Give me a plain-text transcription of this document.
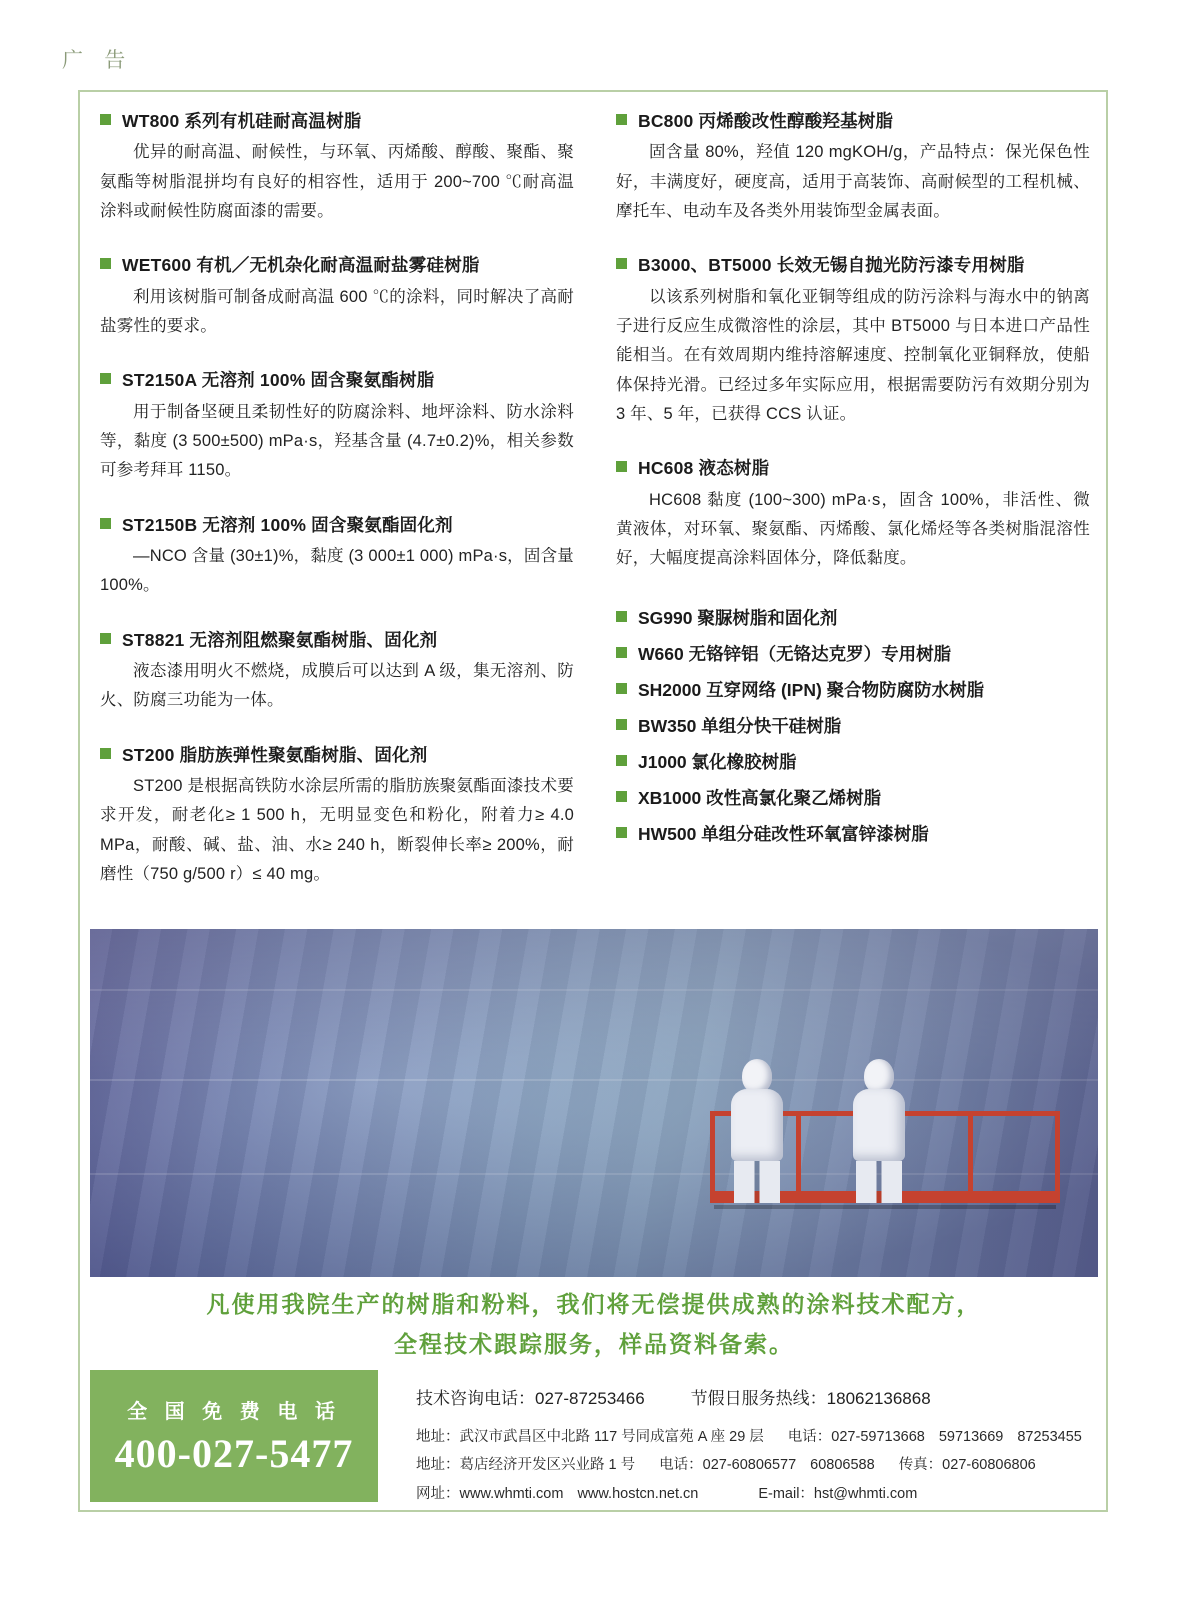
广 告
WT800 系列有机硅耐高温树脂

优异的耐高温、耐候性，与环氧、丙烯酸、醇酸、聚酯、聚氨酯等树脂混拼均有良好的相容性，适用于 200~700 ℃耐高温涂料或耐候性防腐面漆的需要。

WET600 有机／无机杂化耐高温耐盐雾硅树脂

利用该树脂可制备成耐高温 600 ℃的涂料，同时解决了高耐盐雾性的要求。

ST2150A 无溶剂 100% 固含聚氨酯树脂

用于制备坚硬且柔韧性好的防腐涂料、地坪涂料、防水涂料等，黏度 (3 500±500) mPa·s，羟基含量 (4.7±0.2)%，相关参数可参考拜耳 1150。

ST2150B 无溶剂 100% 固含聚氨酯固化剂

—NCO 含量 (30±1)%，黏度 (3 000±1 000) mPa·s，固含量 100%。

ST8821 无溶剂阻燃聚氨酯树脂、固化剂

液态漆用明火不燃烧，成膜后可以达到 A 级，集无溶剂、防火、防腐三功能为一体。

ST200 脂肪族弹性聚氨酯树脂、固化剂

ST200 是根据高铁防水涂层所需的脂肪族聚氨酯面漆技术要求开发，耐老化≥ 1 500 h，无明显变色和粉化，附着力≥ 4.0 MPa，耐酸、碱、盐、油、水≥ 240 h，断裂伸长率≥ 200%，耐磨性（750 g/500 r）≤ 40 mg。

BC800 丙烯酸改性醇酸羟基树脂

固含量 80%，羟值 120 mgKOH/g，产品特点：保光保色性好，丰满度好，硬度高，适用于高装饰、高耐候型的工程机械、摩托车、电动车及各类外用装饰型金属表面。

B3000、BT5000 长效无锡自抛光防污漆专用树脂

以该系列树脂和氧化亚铜等组成的防污涂料与海水中的钠离子进行反应生成微溶性的涂层，其中 BT5000 与日本进口产品性能相当。在有效周期内维持溶解速度、控制氧化亚铜释放，使船体保持光滑。已经过多年实际应用，根据需要防污有效期分别为 3 年、5 年，已获得 CCS 认证。

HC608 液态树脂

HC608 黏度 (100~300) mPa·s，固含 100%，非活性、微黄液体，对环氧、聚氨酯、丙烯酸、氯化烯烃等各类树脂混溶性好，大幅度提高涂料固体分，降低黏度。

SG990 聚脲树脂和固化剂
W660 无铬锌铝（无铬达克罗）专用树脂
SH2000 互穿网络 (IPN) 聚合物防腐防水树脂
BW350 单组分快干硅树脂
J1000 氯化橡胶树脂
XB1000 改性高氯化聚乙烯树脂
HW500 单组分硅改性环氧富锌漆树脂
凡使用我院生产的树脂和粉料，我们将无偿提供成熟的涂料技术配方，
全程技术跟踪服务，样品资料备索。
全 国 免 费 电 话
400-027-5477
技术咨询电话：027-87253466	节假日服务热线：18062136868
地址：武汉市武昌区中北路 117 号同成富苑 A 座 29 层 电话：027-59713668 59713669 87253455
地址：葛店经济开发区兴业路 1 号 电话：027-60806577 60806588 传真：027-60806806
网址：www.whmti.com www.hostcn.net.cn	E-mail：hst@whmti.com
